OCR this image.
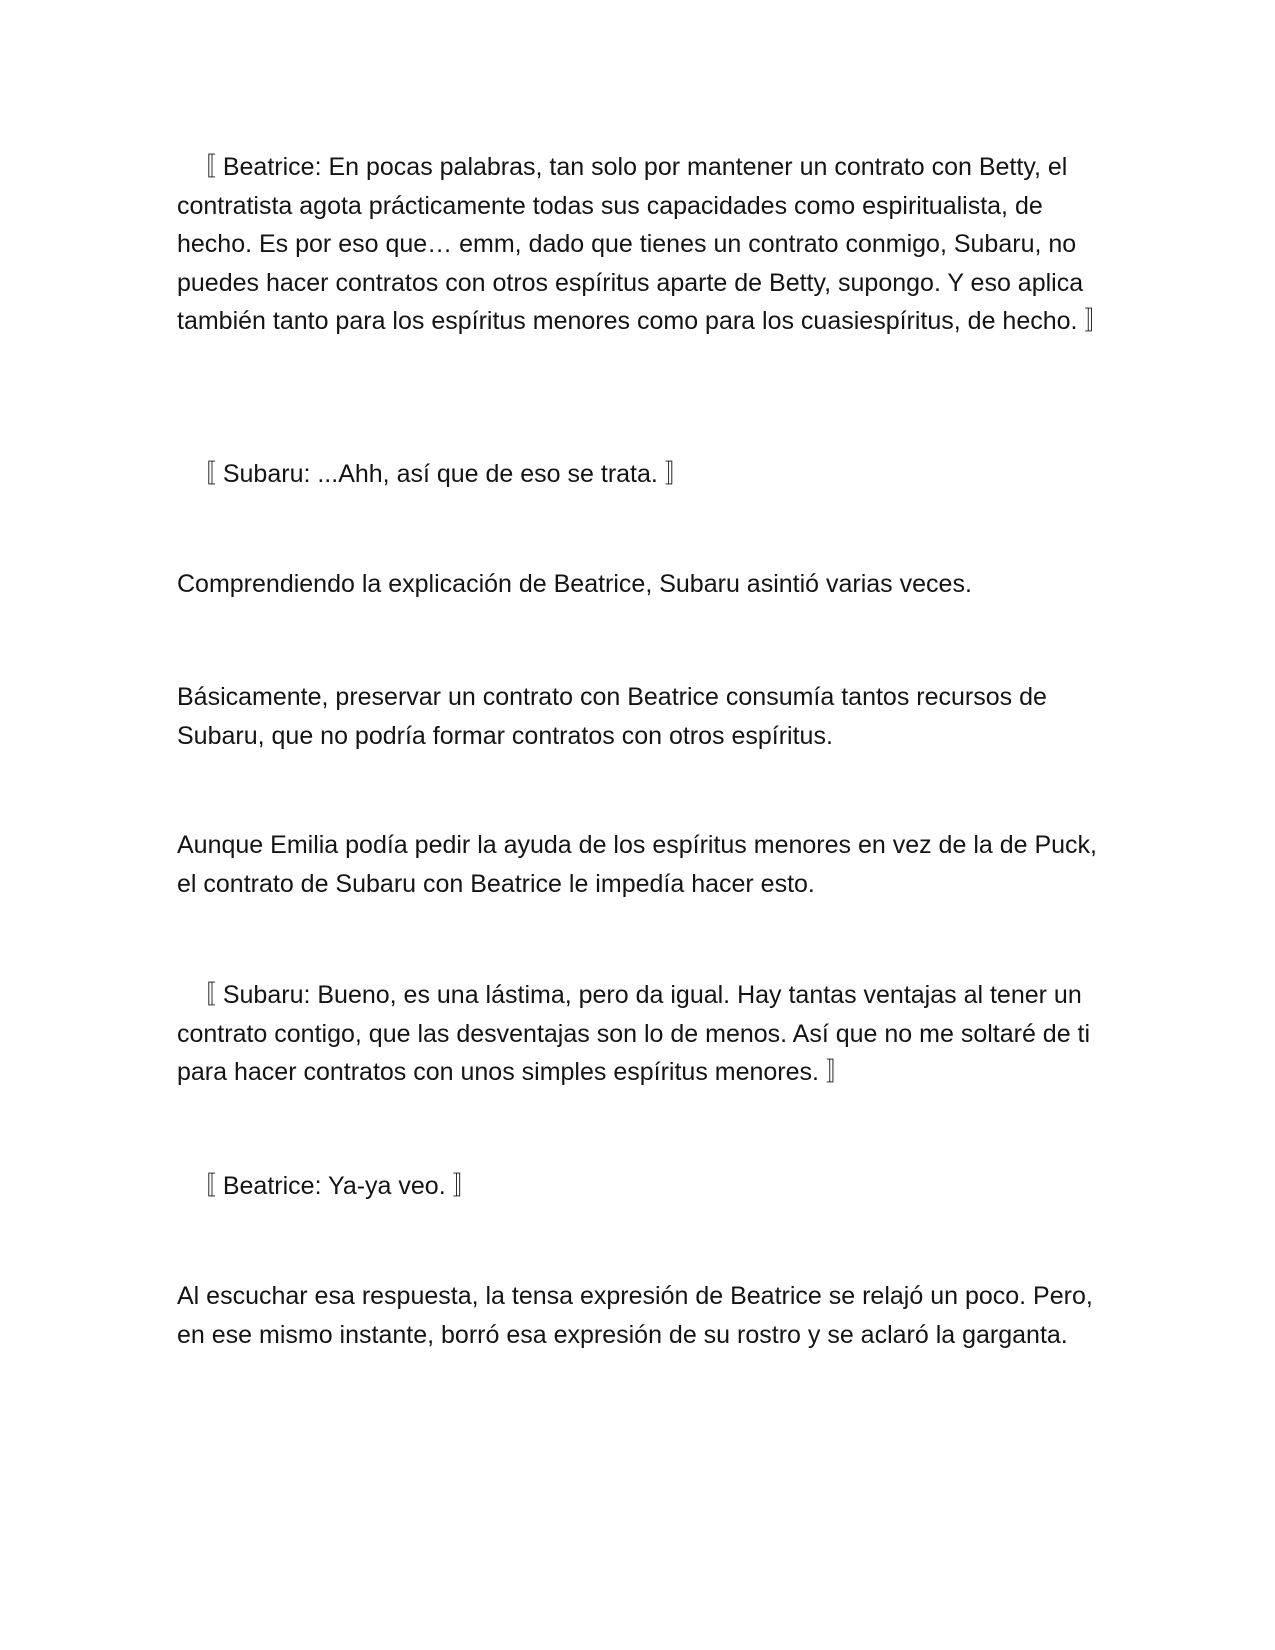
〚 Beatrice: En pocas palabras, tan solo por mantener un contrato con Betty, el contratista agota prácticamente todas sus capacidades como espiritualista, de hecho. Es por eso que… emm, dado que tienes un contrato conmigo, Subaru, no puedes hacer contratos con otros espíritus aparte de Betty, supongo. Y eso aplica también tanto para los espíritus menores como para los cuasiespíritus, de hecho. 〛

〚 Subaru: ...Ahh, así que de eso se trata. 〛

Comprendiendo la explicación de Beatrice, Subaru asintió varias veces.

Básicamente, preservar un contrato con Beatrice consumía tantos recursos de Subaru, que no podría formar contratos con otros espíritus.

Aunque Emilia podía pedir la ayuda de los espíritus menores en vez de la de Puck, el contrato de Subaru con Beatrice le impedía hacer esto.

〚 Subaru: Bueno, es una lástima, pero da igual. Hay tantas ventajas al tener un contrato contigo, que las desventajas son lo de menos. Así que no me soltaré de ti para hacer contratos con unos simples espíritus menores. 〛

〚 Beatrice: Ya-ya veo. 〛

Al escuchar esa respuesta, la tensa expresión de Beatrice se relajó un poco. Pero, en ese mismo instante, borró esa expresión de su rostro y se aclaró la garganta.
